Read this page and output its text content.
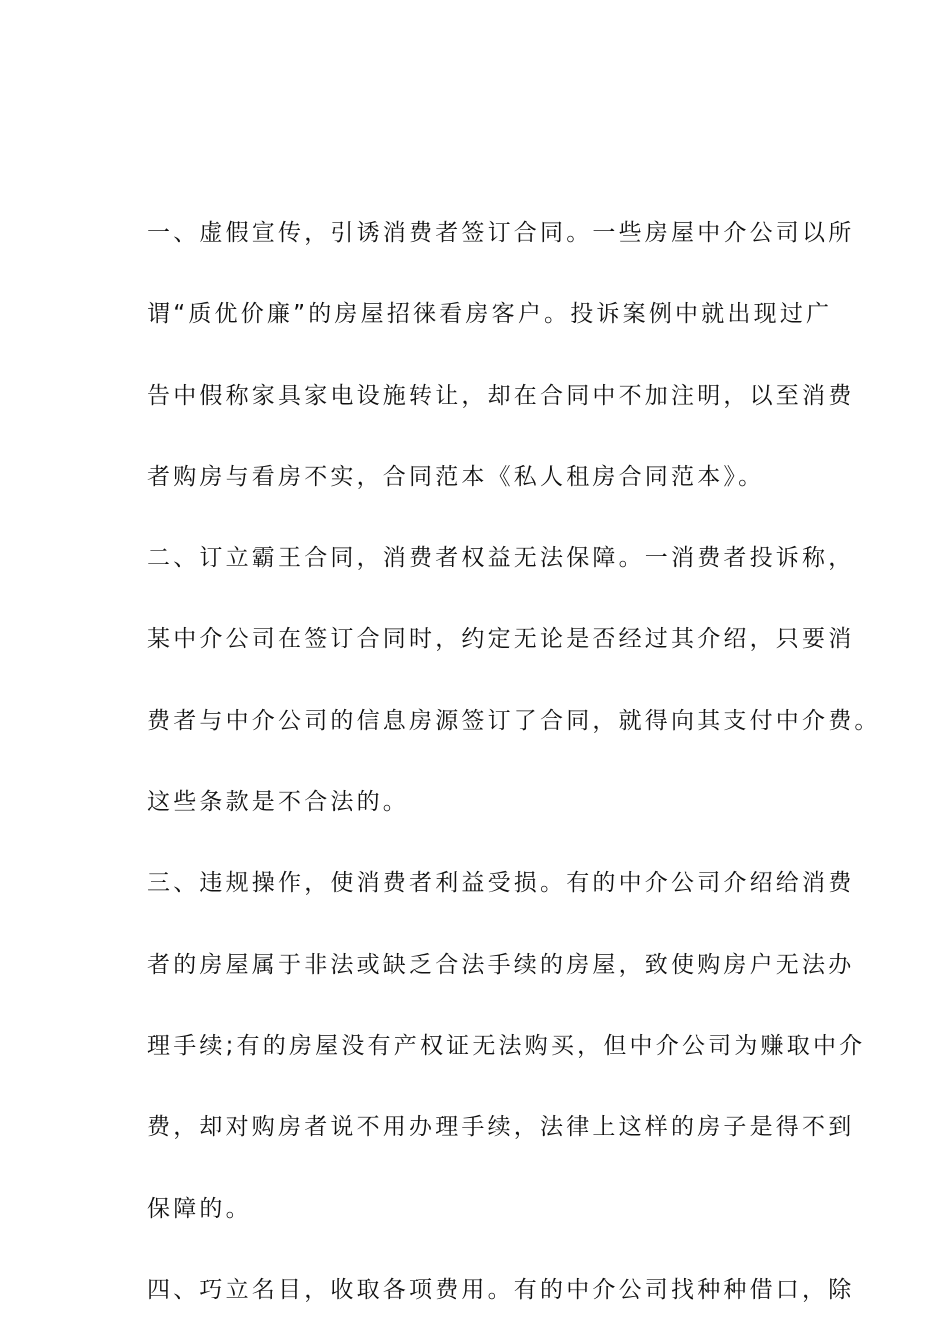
一、虚假宣传，引诱消费者签订合同。一些房屋中介公司以所
谓“质优价廉”的房屋招徕看房客户。投诉案例中就出现过广
告中假称家具家电设施转让，却在合同中不加注明，以至消费
者购房与看房不实，合同范本《私人租房合同范本》。
二、订立霸王合同，消费者权益无法保障。一消费者投诉称，
某中介公司在签订合同时，约定无论是否经过其介绍，只要消
费者与中介公司的信息房源签订了合同，就得向其支付中介费。
这些条款是不合法的。
三、违规操作，使消费者利益受损。有的中介公司介绍给消费
者的房屋属于非法或缺乏合法手续的房屋，致使购房户无法办
理手续;有的房屋没有产权证无法购买，但中介公司为赚取中介
费，却对购房者说不用办理手续，法律上这样的房子是得不到
保障的。
四、巧立名目，收取各项费用。有的中介公司找种种借口，除
